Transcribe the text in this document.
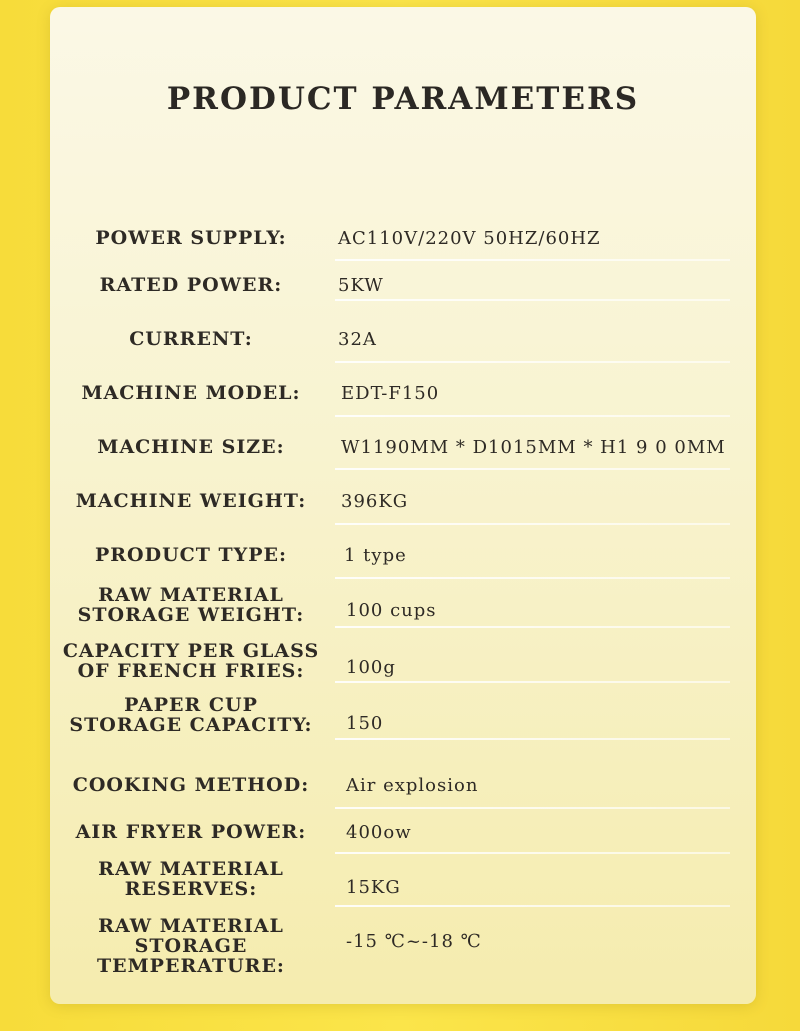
PRODUCT PARAMETERS
POWER SUPPLY:	AC110V/220V 50HZ/60HZ
RATED POWER:	5KW
CURRENT:	32A
MACHINE MODEL:	EDT-F150
MACHINE SIZE:	W1190MM * D1015MM * H1 9 0 0MM
MACHINE WEIGHT:	396KG
PRODUCT TYPE:	1 type
RAW MATERIAL
STORAGE WEIGHT:	100 cups
CAPACITY PER GLASS
OF FRENCH FRIES:	100g
PAPER CUP
STORAGE CAPACITY:	150
COOKING METHOD:	Air explosion
AIR FRYER POWER:	400ow
RAW MATERIAL
RESERVES:	15KG
RAW MATERIAL
STORAGE
TEMPERATURE:
-15 ℃~-18 ℃
